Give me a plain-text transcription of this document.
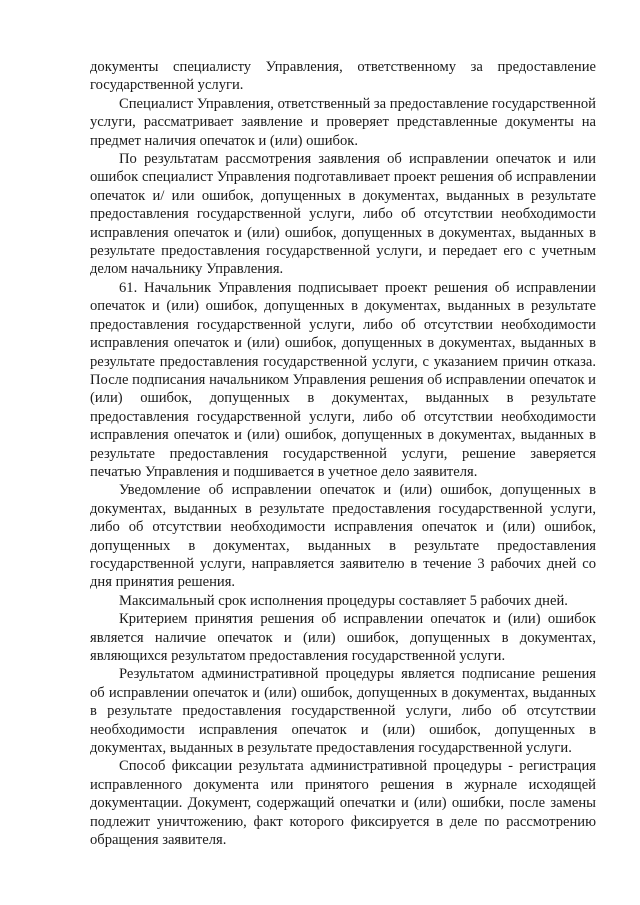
документы специалисту Управления, ответственному за предоставление государственной услуги.

Специалист Управления, ответственный за предоставление государственной услуги, рассматривает заявление и проверяет представленные документы на предмет наличия опечаток и (или) ошибок.

По результатам рассмотрения заявления об исправлении опечаток и или ошибок специалист Управления подготавливает проект решения об исправлении опечаток и/ или ошибок, допущенных в документах, выданных в результате предоставления государственной услуги, либо об отсутствии необходимости исправления опечаток и (или) ошибок, допущенных в документах, выданных в результате предоставления государственной услуги, и передает его с учетным делом начальнику Управления.

61. Начальник Управления подписывает проект решения об исправлении опечаток и (или) ошибок, допущенных в документах, выданных в результате предоставления государственной услуги, либо об отсутствии необходимости исправления опечаток и (или) ошибок, допущенных в документах, выданных в результате предоставления государственной услуги, с указанием причин отказа. После подписания начальником Управления решения об исправлении опечаток и (или) ошибок, допущенных в документах, выданных в результате предоставления государственной услуги, либо об отсутствии необходимости исправления опечаток и (или) ошибок, допущенных в документах, выданных в результате предоставления государственной услуги, решение заверяется печатью Управления и подшивается в учетное дело заявителя.

Уведомление об исправлении опечаток и (или) ошибок, допущенных в документах, выданных в результате предоставления государственной услуги, либо об отсутствии необходимости исправления опечаток и (или) ошибок, допущенных в документах, выданных в результате предоставления государственной услуги, направляется заявителю в течение 3 рабочих дней со дня принятия решения.

Максимальный срок исполнения процедуры составляет 5 рабочих дней.

Критерием принятия решения об исправлении опечаток и (или) ошибок является наличие опечаток и (или) ошибок, допущенных в документах, являющихся результатом предоставления государственной услуги.

Результатом административной процедуры является подписание решения об исправлении опечаток и (или) ошибок, допущенных в документах, выданных в результате предоставления государственной услуги, либо об отсутствии необходимости исправления опечаток и (или) ошибок, допущенных в документах, выданных в результате предоставления государственной услуги.

Способ фиксации результата административной процедуры - регистрация исправленного документа или принятого решения в журнале исходящей документации. Документ, содержащий опечатки и (или) ошибки, после замены подлежит уничтожению, факт которого фиксируется в деле по рассмотрению обращения заявителя.
